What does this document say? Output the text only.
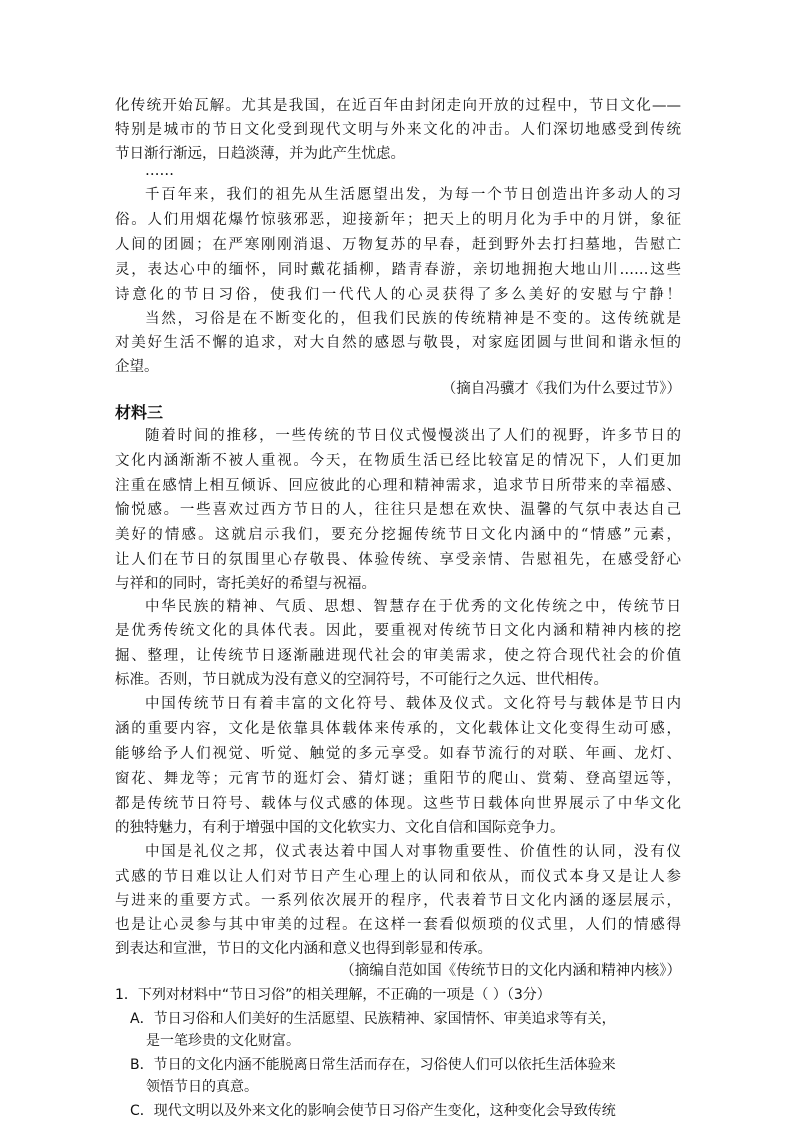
化传统开始瓦解。尤其是我国，在近百年由封闭走向开放的过程中，节日文化——
特别是城市的节日文化受到现代文明与外来文化的冲击。人们深切地感受到传统
节日渐行渐远，日趋淡薄，并为此产生忧虑。
……
千百年来，我们的祖先从生活愿望出发，为每一个节日创造出许多动人的习
俗。人们用烟花爆竹惊骇邪恶，迎接新年；把天上的明月化为手中的月饼，象征
人间的团圆；在严寒刚刚消退、万物复苏的早春，赶到野外去打扫墓地，告慰亡
灵，表达心中的缅怀，同时戴花插柳，踏青春游，亲切地拥抱大地山川……这些
诗意化的节日习俗，使我们一代代人的心灵获得了多么美好的安慰与宁静！
当然，习俗是在不断变化的，但我们民族的传统精神是不变的。这传统就是
对美好生活不懈的追求，对大自然的感恩与敬畏，对家庭团圆与世间和谐永恒的
企望。
（摘自冯骥才《我们为什么要过节》）
材料三
随着时间的推移，一些传统的节日仪式慢慢淡出了人们的视野，许多节日的
文化内涵渐渐不被人重视。今天，在物质生活已经比较富足的情况下，人们更加
注重在感情上相互倾诉、回应彼此的心理和精神需求，追求节日所带来的幸福感、
愉悦感。一些喜欢过西方节日的人，往往只是想在欢快、温馨的气氛中表达自己
美好的情感。这就启示我们，要充分挖掘传统节日文化内涵中的“情感”元素，
让人们在节日的氛围里心存敬畏、体验传统、享受亲情、告慰祖先，在感受舒心
与祥和的同时，寄托美好的希望与祝福。
中华民族的精神、气质、思想、智慧存在于优秀的文化传统之中，传统节日
是优秀传统文化的具体代表。因此，要重视对传统节日文化内涵和精神内核的挖
掘、整理，让传统节日逐渐融进现代社会的审美需求，使之符合现代社会的价值
标准。否则，节日就成为没有意义的空洞符号，不可能行之久远、世代相传。
中国传统节日有着丰富的文化符号、载体及仪式。文化符号与载体是节日内
涵的重要内容，文化是依靠具体载体来传承的，文化载体让文化变得生动可感，
能够给予人们视觉、听觉、触觉的多元享受。如春节流行的对联、年画、龙灯、
窗花、舞龙等；元宵节的逛灯会、猜灯谜；重阳节的爬山、赏菊、登高望远等，
都是传统节日符号、载体与仪式感的体现。这些节日载体向世界展示了中华文化
的独特魅力，有利于增强中国的文化软实力、文化自信和国际竞争力。
中国是礼仪之邦，仪式表达着中国人对事物重要性、价值性的认同，没有仪
式感的节日难以让人们对节日产生心理上的认同和依从，而仪式本身又是让人参
与进来的重要方式。一系列依次展开的程序，代表着节日文化内涵的逐层展示，
也是让心灵参与其中审美的过程。在这样一套看似烦琐的仪式里，人们的情感得
到表达和宣泄，节日的文化内涵和意义也得到彰显和传承。
（摘编自范如国《传统节日的文化内涵和精神内核》）
1．下列对材料中“节日习俗”的相关理解，不正确的一项是（ ）（3分）
A．节日习俗和人们美好的生活愿望、民族精神、家国情怀、审美追求等有关，
是一笔珍贵的文化财富。
B．节日的文化内涵不能脱离日常生活而存在，习俗使人们可以依托生活体验来
领悟节日的真意。
C．现代文明以及外来文化的影响会使节日习俗产生变化，这种变化会导致传统
